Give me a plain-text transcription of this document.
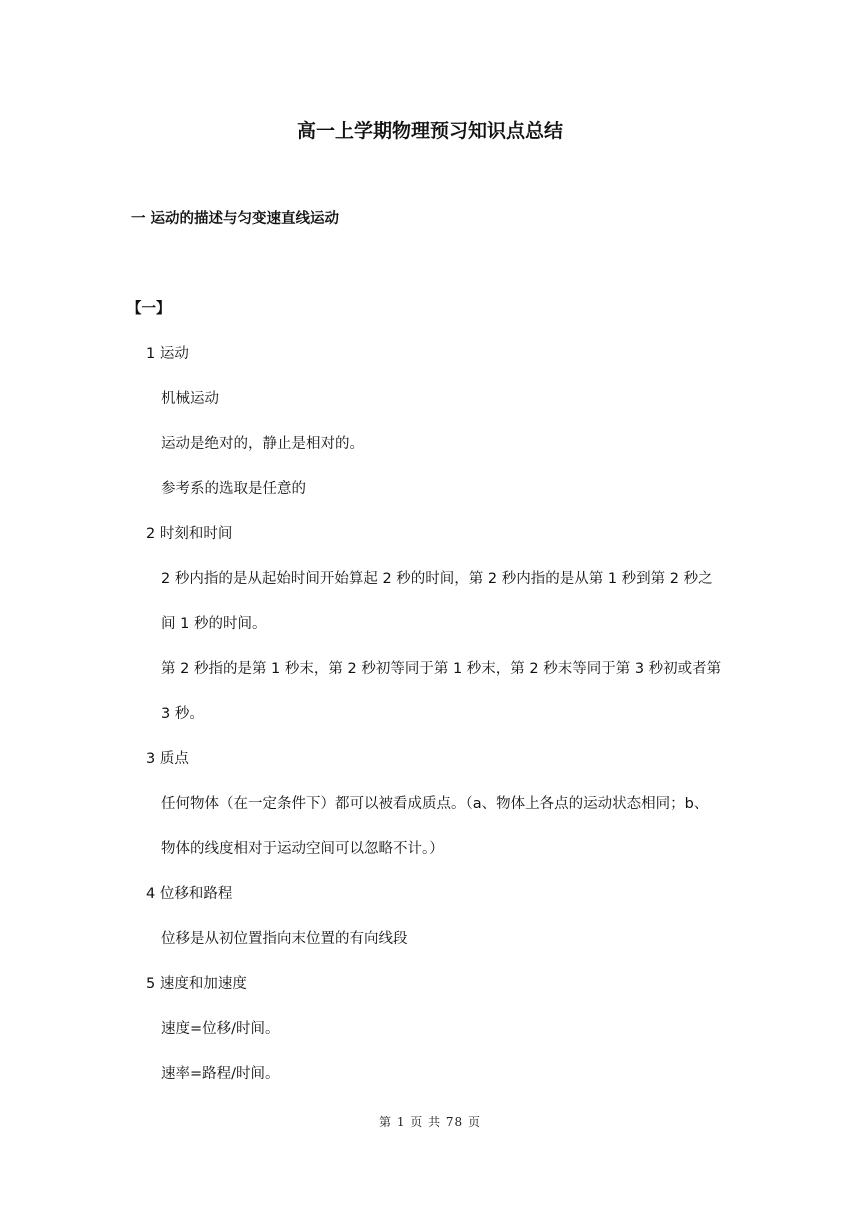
高一上学期物理预习知识点总结
一 运动的描述与匀变速直线运动
【一】
1 运动
机械运动
运动是绝对的，静止是相对的。
参考系的选取是任意的
2 时刻和时间
2 秒内指的是从起始时间开始算起 2 秒的时间，第 2 秒内指的是从第 1 秒到第 2 秒之
间 1 秒的时间。
第 2 秒指的是第 1 秒末，第 2 秒初等同于第 1 秒末，第 2 秒末等同于第 3 秒初或者第
3 秒。
3 质点
任何物体（在一定条件下）都可以被看成质点。（a、物体上各点的运动状态相同；b、
物体的线度相对于运动空间可以忽略不计。）
4 位移和路程
位移是从初位置指向末位置的有向线段
5 速度和加速度
速度=位移/时间。
速率=路程/时间。
第 1 页 共 78 页
